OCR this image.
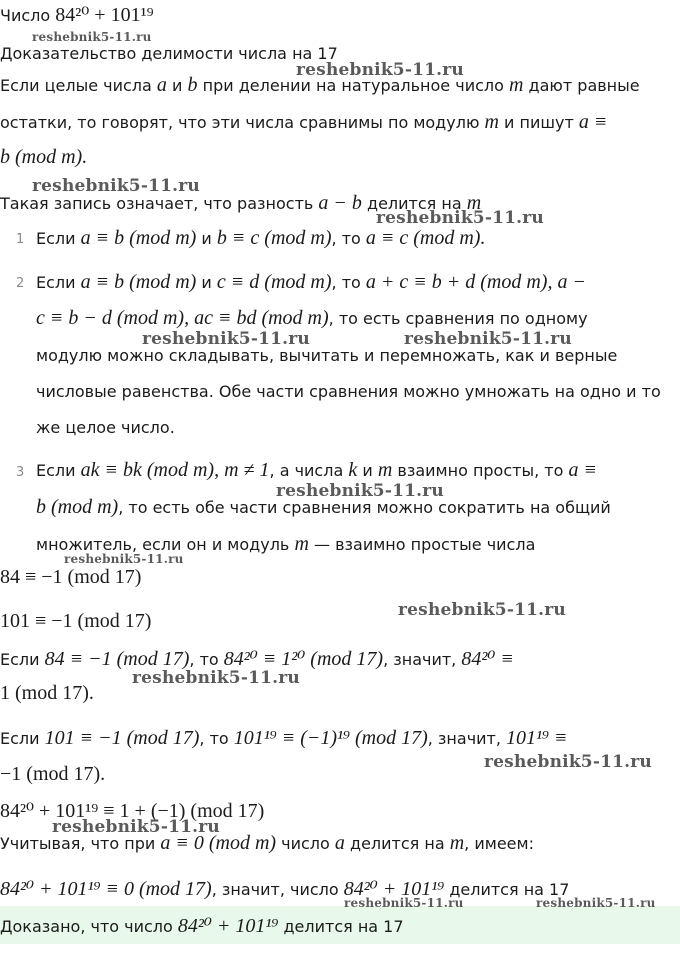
Число 84²⁰ + 101¹⁹
Доказательство делимости числа на 17
Если целые числа a и b при делении на натуральное число m дают равные
остатки, то говорят, что эти числа сравнимы по модулю m и пишут a ≡
b (mod m).
Такая запись означает, что разность a − b делится на m
1 Если a ≡ b (mod m) и b ≡ c (mod m), то a ≡ c (mod m).
2 Если a ≡ b (mod m) и c ≡ d (mod m), то a + c ≡ b + d (mod m), a −
c ≡ b − d (mod m), ac ≡ bd (mod m), то есть сравнения по одному
модулю можно складывать, вычитать и перемножать, как и верные
числовые равенства. Обе части сравнения можно умножать на одно и то
же целое число.
3 Если ak ≡ bk (mod m), m ≠ 1, а числа k и m взаимно просты, то a ≡
b (mod m), то есть обе части сравнения можно сократить на общий
множитель, если он и модуль m — взаимно простые числа
84 ≡ −1 (mod 17)
101 ≡ −1 (mod 17)
Если 84 ≡ −1 (mod 17), то 84²⁰ ≡ 1²⁰ (mod 17), значит, 84²⁰ ≡
1 (mod 17).
Если 101 ≡ −1 (mod 17), то 101¹⁹ ≡ (−1)¹⁹ (mod 17), значит, 101¹⁹ ≡
−1 (mod 17).
84²⁰ + 101¹⁹ ≡ 1 + (−1) (mod 17)
Учитывая, что при a ≡ 0 (mod m) число a делится на m, имеем:
84²⁰ + 101¹⁹ ≡ 0 (mod 17), значит, число 84²⁰ + 101¹⁹ делится на 17
Доказано, что число 84²⁰ + 101¹⁹ делится на 17
reshebnik5-11.ru
reshebnik5-11.ru
reshebnik5-11.ru
reshebnik5-11.ru
reshebnik5-11.ru	reshebnik5-11.ru
reshebnik5-11.ru
reshebnik5-11.ru
reshebnik5-11.ru
reshebnik5-11.ru
reshebnik5-11.ru
reshebnik5-11.ru
reshebnik5-11.ru	reshebnik5-11.ru
